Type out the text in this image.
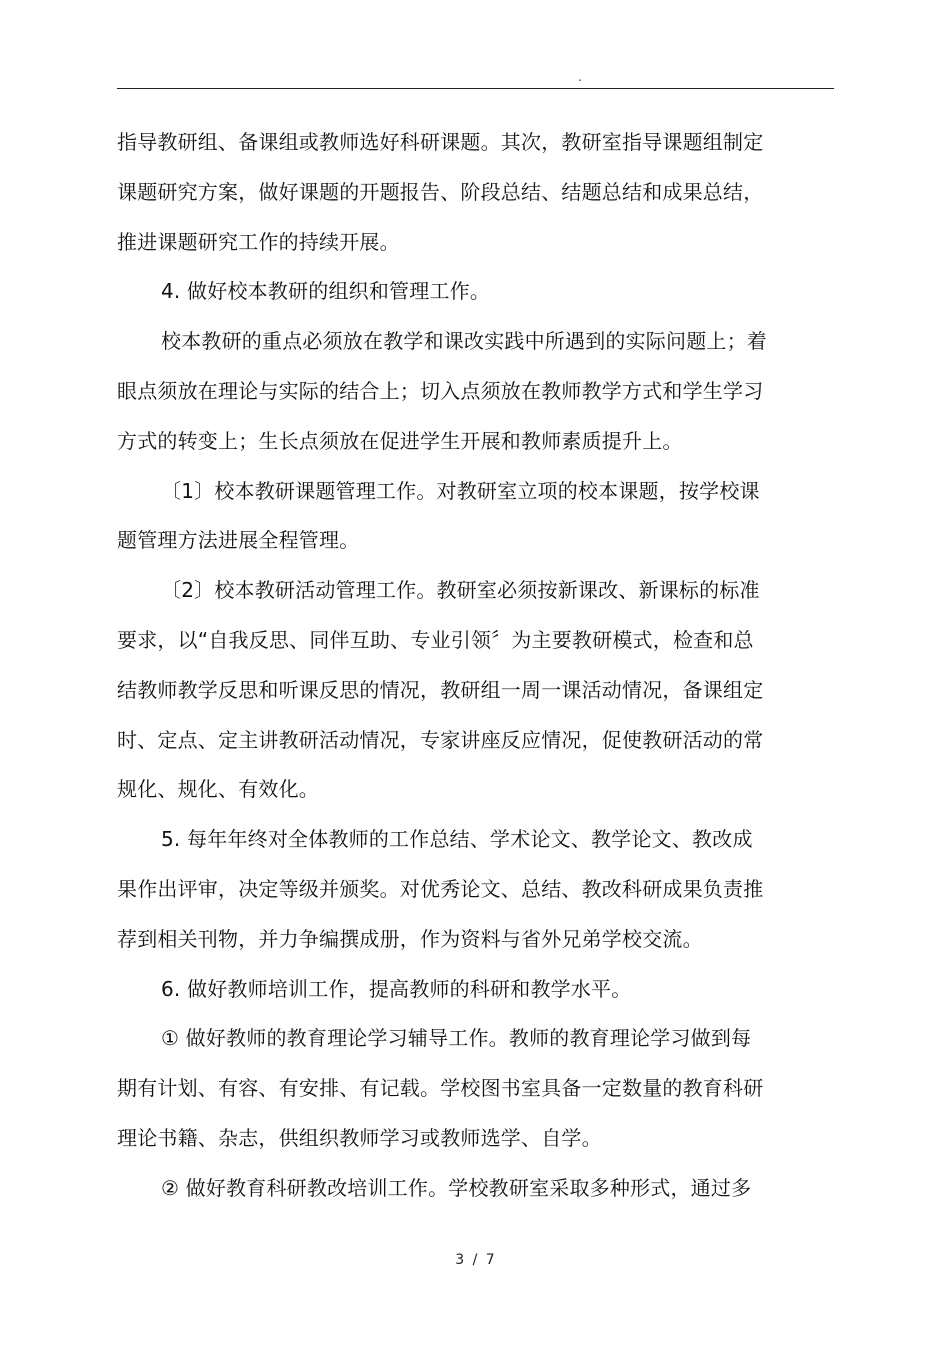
.
指导教研组、备课组或教师选好科研课题。其次，教研室指导课题组制定
课题研究方案，做好课题的开题报告、阶段总结、结题总结和成果总结，
推进课题研究工作的持续开展。
4. 做好校本教研的组织和管理工作。
校本教研的重点必须放在教学和课改实践中所遇到的实际问题上；着
眼点须放在理论与实际的结合上；切入点须放在教师教学方式和学生学习
方式的转变上；生长点须放在促进学生开展和教师素质提升上。
〔1〕校本教研课题管理工作。对教研室立项的校本课题，按学校课
题管理方法进展全程管理。
〔2〕校本教研活动管理工作。教研室必须按新课改、新课标的标准
要求，以“自我反思、同伴互助、专业引领〞为主要教研模式，检查和总
结教师教学反思和听课反思的情况，教研组一周一课活动情况，备课组定
时、定点、定主讲教研活动情况，专家讲座反应情况，促使教研活动的常
规化、规化、有效化。
5. 每年年终对全体教师的工作总结、学术论文、教学论文、教改成
果作出评审，决定等级并颁奖。对优秀论文、总结、教改科研成果负责推
荐到相关刊物，并力争编撰成册，作为资料与省外兄弟学校交流。
6. 做好教师培训工作，提高教师的科研和教学水平。
① 做好教师的教育理论学习辅导工作。教师的教育理论学习做到每
期有计划、有容、有安排、有记载。学校图书室具备一定数量的教育科研
理论书籍、杂志，供组织教师学习或教师选学、自学。
② 做好教育科研教改培训工作。学校教研室采取多种形式，通过多
3 / 7
